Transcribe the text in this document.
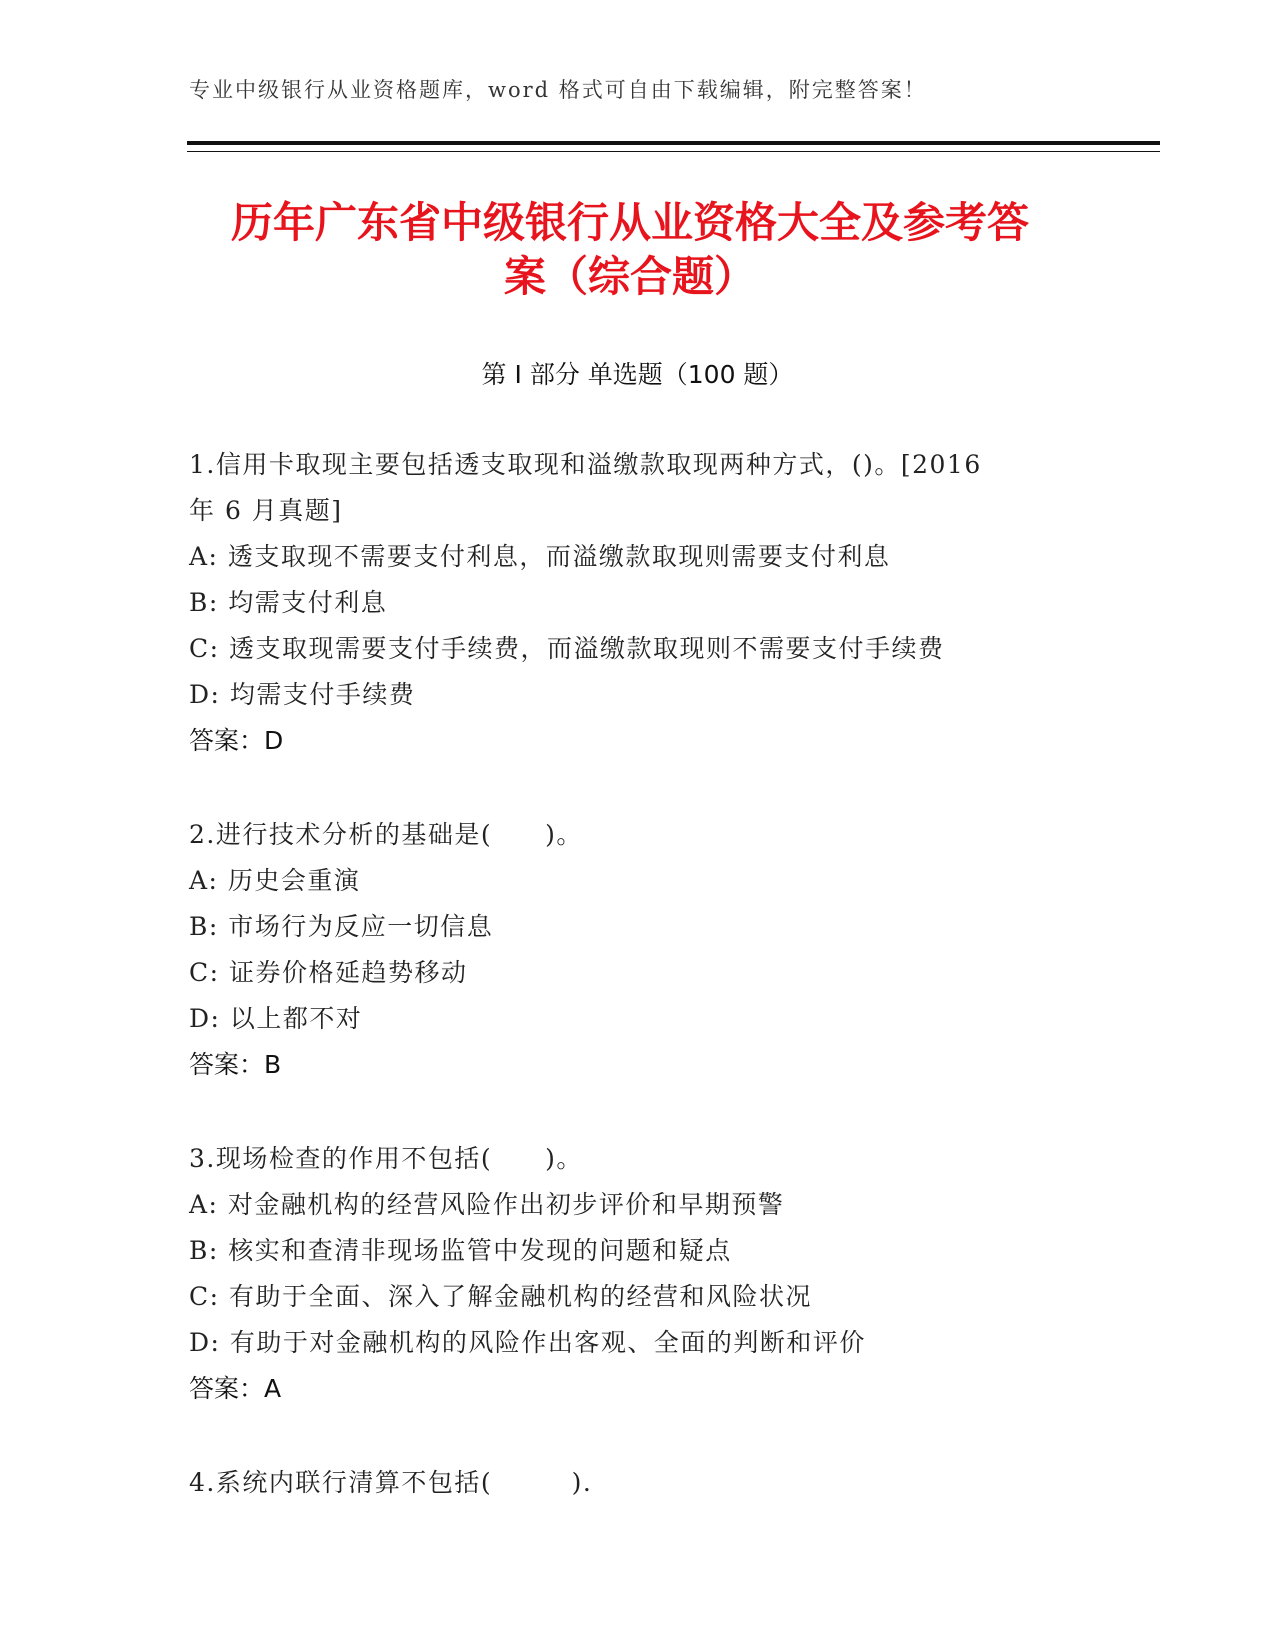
专业中级银行从业资格题库，word 格式可自由下载编辑，附完整答案！
历年广东省中级银行从业资格大全及参考答
案（综合题）
第 I 部分 单选题（100 题）
1.信用卡取现主要包括透支取现和溢缴款取现两种方式，()。[2016
年 6 月真题]
A: 透支取现不需要支付利息，而溢缴款取现则需要支付利息
B: 均需支付利息
C: 透支取现需要支付手续费，而溢缴款取现则不需要支付手续费
D: 均需支付手续费
答案：D
2.进行技术分析的基础是(　　)。
A: 历史会重演
B: 市场行为反应一切信息
C: 证券价格延趋势移动
D: 以上都不对
答案：B
3.现场检查的作用不包括(　　)。
A: 对金融机构的经营风险作出初步评价和早期预警
B: 核实和查清非现场监管中发现的问题和疑点
C: 有助于全面、深入了解金融机构的经营和风险状况
D: 有助于对金融机构的风险作出客观、全面的判断和评价
答案：A
4.系统内联行清算不包括(　　　).
